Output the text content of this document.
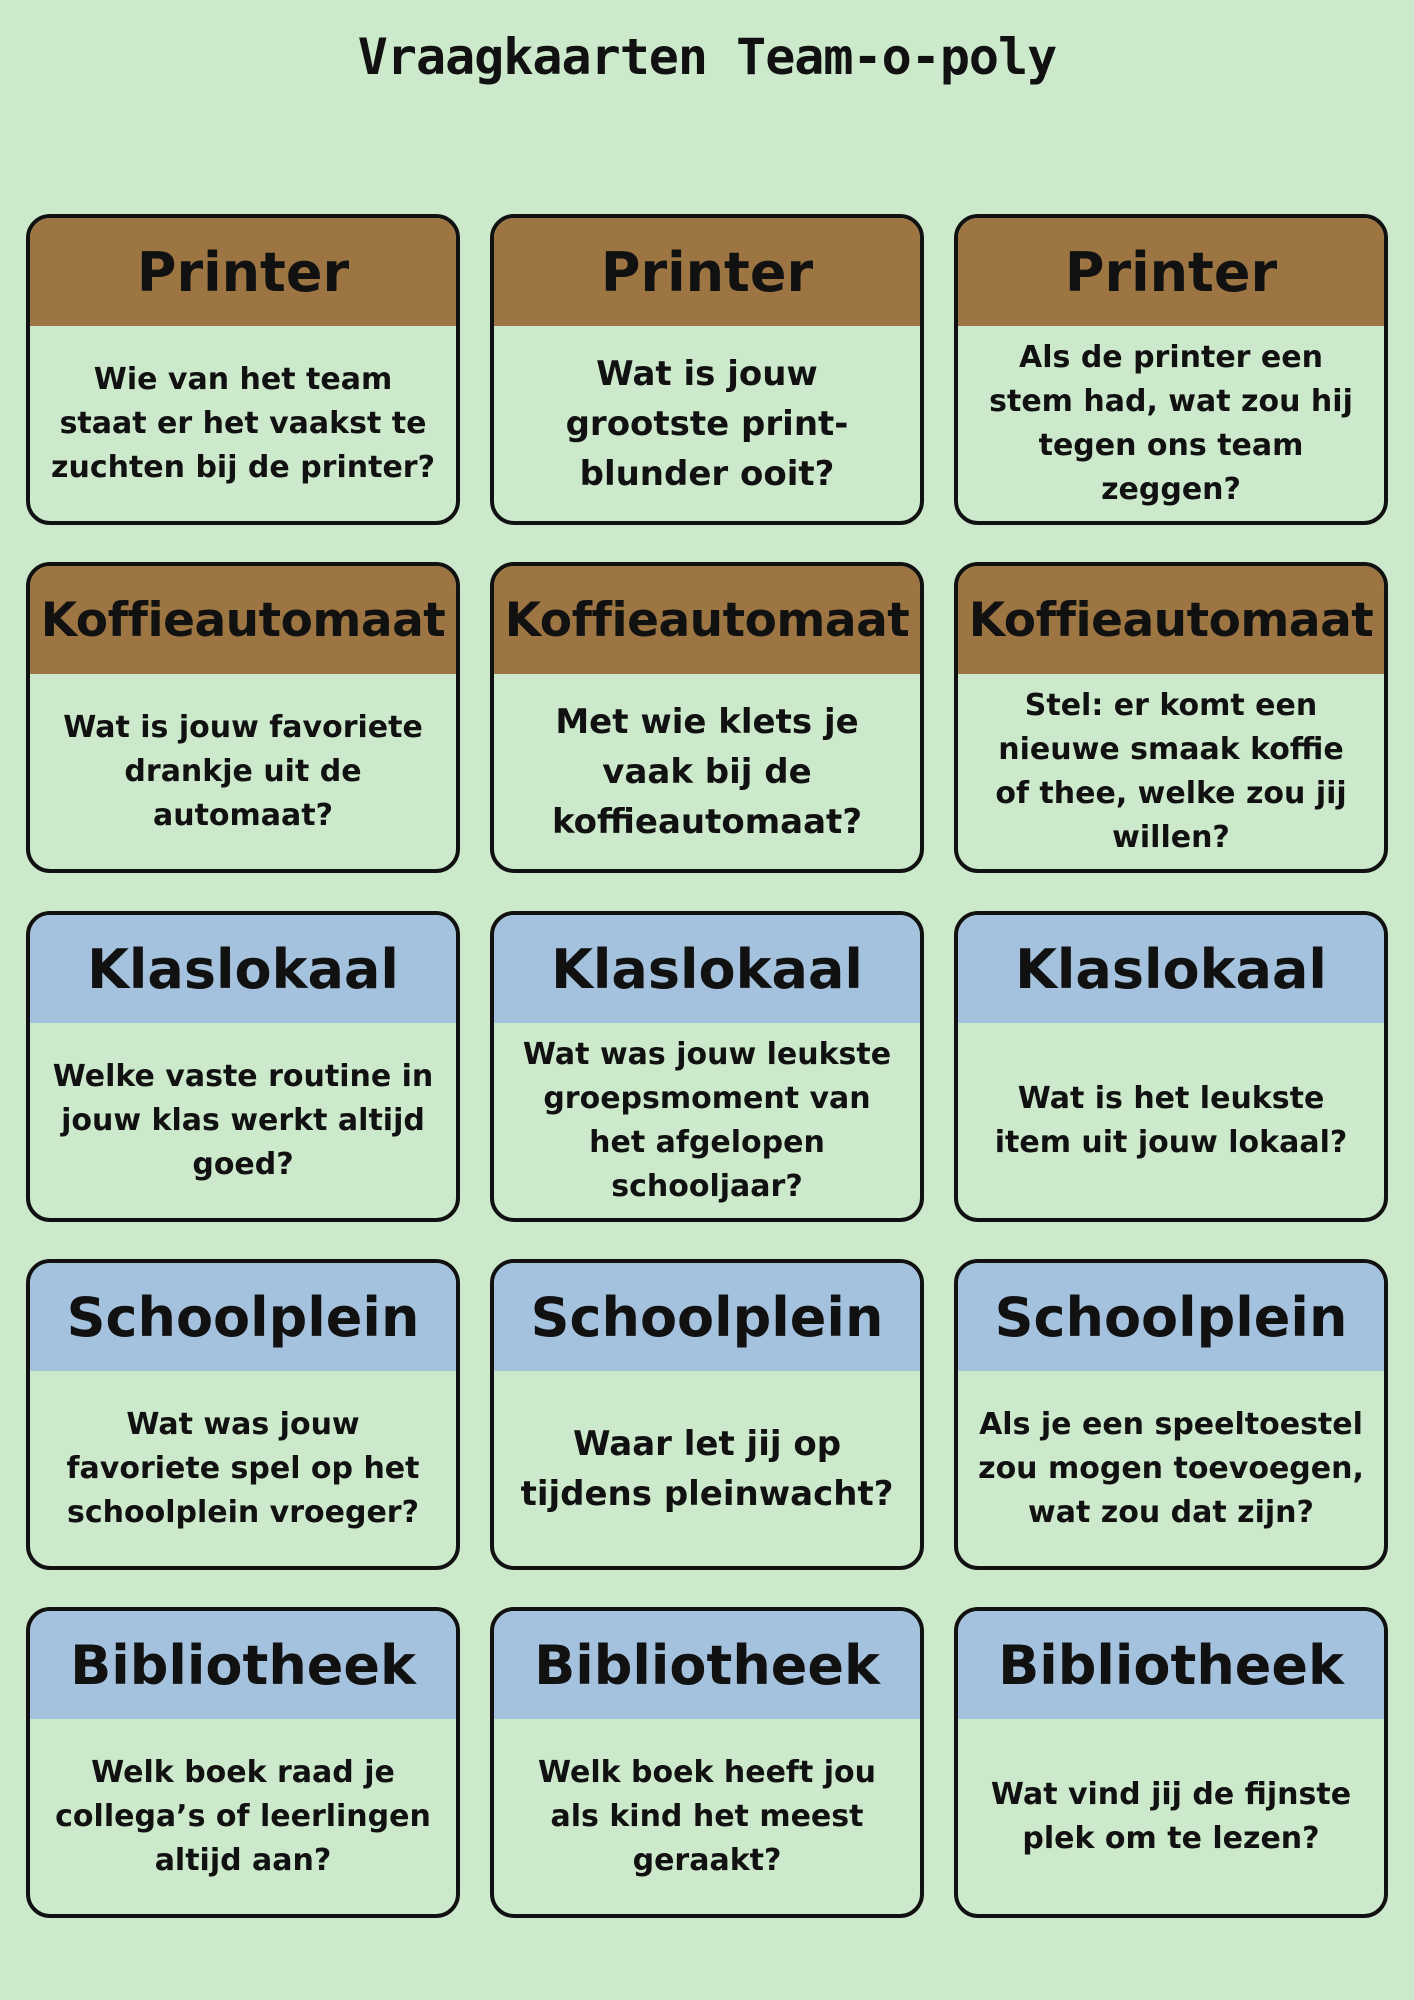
Vraagkaarten Team-o-poly
Printer
Wie van het team staat er het vaakst te zuchten bij de printer?
Printer
Wat is jouw grootste print-blunder ooit?
Printer
Als de printer een stem had, wat zou hij tegen ons team zeggen?
Koffieautomaat
Wat is jouw favoriete drankje uit de automaat?
Koffieautomaat
Met wie klets je vaak bij de koffieautomaat?
Koffieautomaat
Stel: er komt een nieuwe smaak koffie of thee, welke zou jij willen?
Klaslokaal
Welke vaste routine in jouw klas werkt altijd goed?
Klaslokaal
Wat was jouw leukste groepsmoment van het afgelopen schooljaar?
Klaslokaal
Wat is het leukste item uit jouw lokaal?
Schoolplein
Wat was jouw favoriete spel op het schoolplein vroeger?
Schoolplein
Waar let jij op tijdens pleinwacht?
Schoolplein
Als je een speeltoestel zou mogen toevoegen, wat zou dat zijn?
Bibliotheek
Welk boek raad je collega’s of leerlingen altijd aan?
Bibliotheek
Welk boek heeft jou als kind het meest geraakt?
Bibliotheek
Wat vind jij de fijnste plek om te lezen?
